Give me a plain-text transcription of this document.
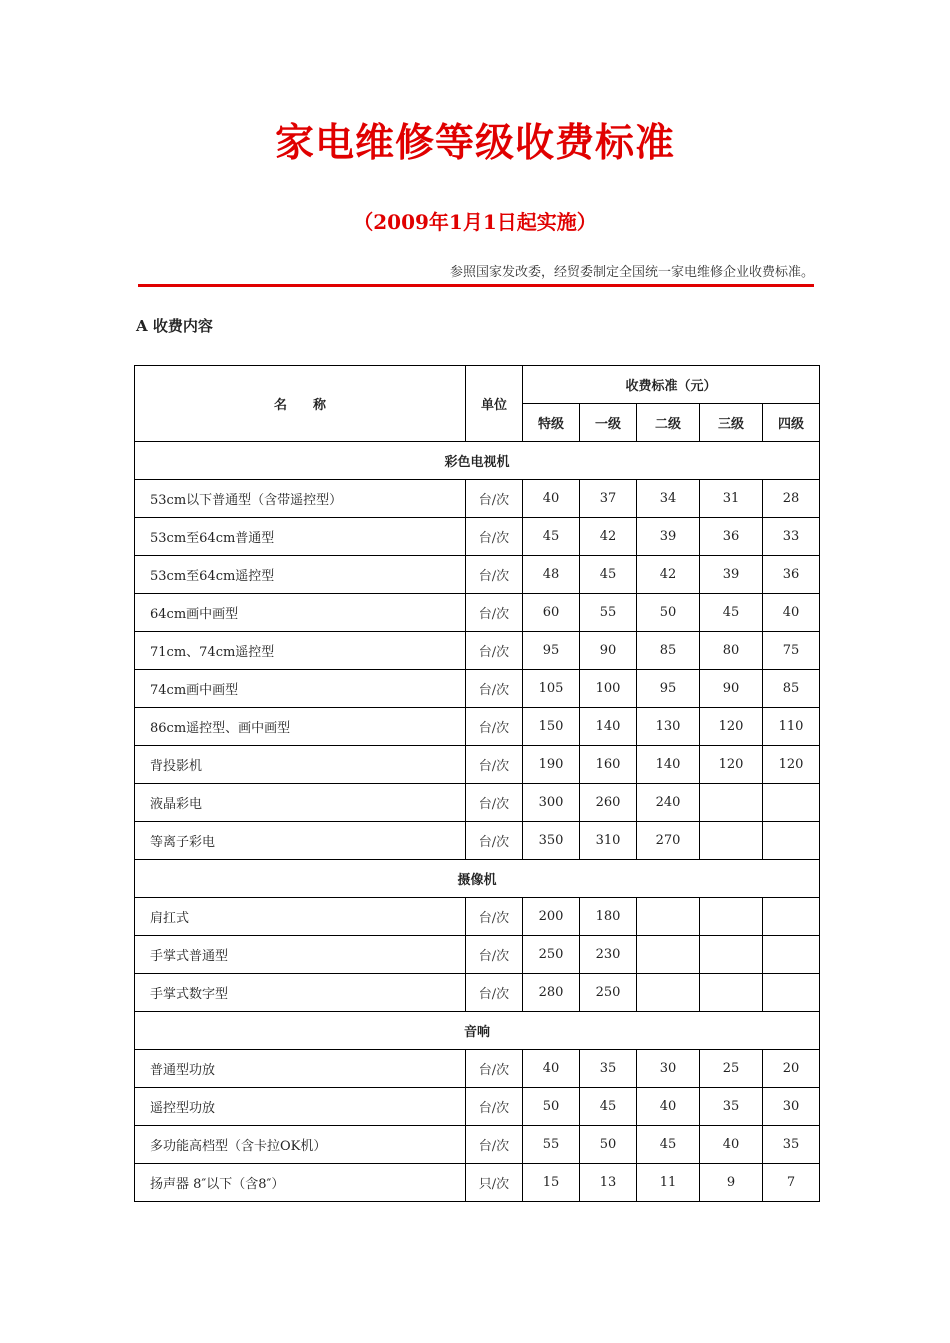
家电维修等级收费标准
（2009年1月1日起实施）
参照国家发改委，经贸委制定全国统一家电维修企业收费标准。
A 收费内容
名　　称	单位	收费标准（元）				
		特级	一级	二级	三级	四级
彩色电视机						
53cm以下普通型（含带遥控型）	台/次	40	37	34	31	28
53cm至64cm普通型	台/次	45	42	39	36	33
53cm至64cm遥控型	台/次	48	45	42	39	36
64cm画中画型	台/次	60	55	50	45	40
71cm、74cm遥控型	台/次	95	90	85	80	75
74cm画中画型	台/次	105	100	95	90	85
86cm遥控型、画中画型	台/次	150	140	130	120	110
背投影机	台/次	190	160	140	120	120
液晶彩电	台/次	300	260	240		
等离子彩电	台/次	350	310	270		
摄像机						
肩扛式	台/次	200	180			
手掌式普通型	台/次	250	230			
手掌式数字型	台/次	280	250			
音响						
普通型功放	台/次	40	35	30	25	20
遥控型功放	台/次	50	45	40	35	30
多功能高档型（含卡拉OK机）	台/次	55	50	45	40	35
扬声器 8″以下（含8″）	只/次	15	13	11	9	7
